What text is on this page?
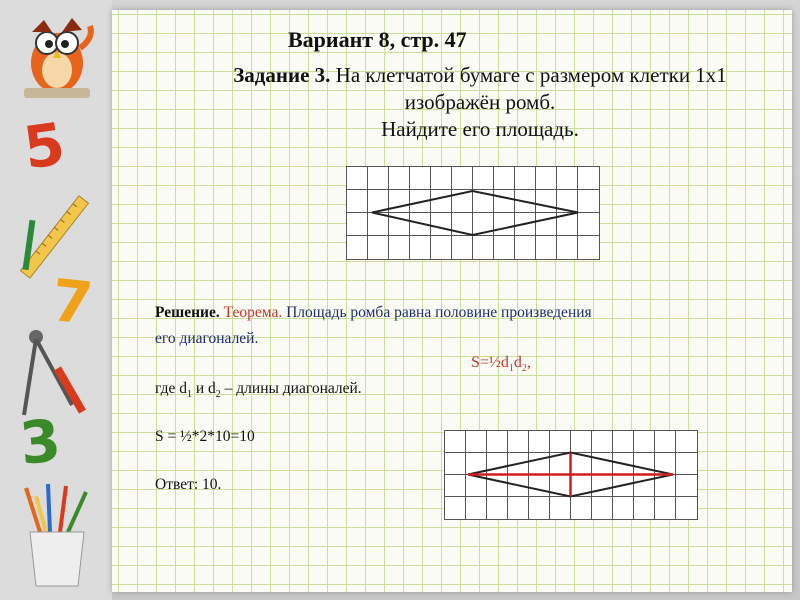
5
7
3
Вариант 8, стр. 47
Задание 3. На клетчатой бумаге с размером клетки 1х1
изображён ромб.
Найдите его площадь.
Решение. Теорема. Площадь ромба равна половине произведения
его диагоналей.
$S=\frac{1}{2}d_1d_2$,
где $d_1$ и $d_2$ – длины диагоналей.
S = ½*2*10=10
Ответ: 10.
